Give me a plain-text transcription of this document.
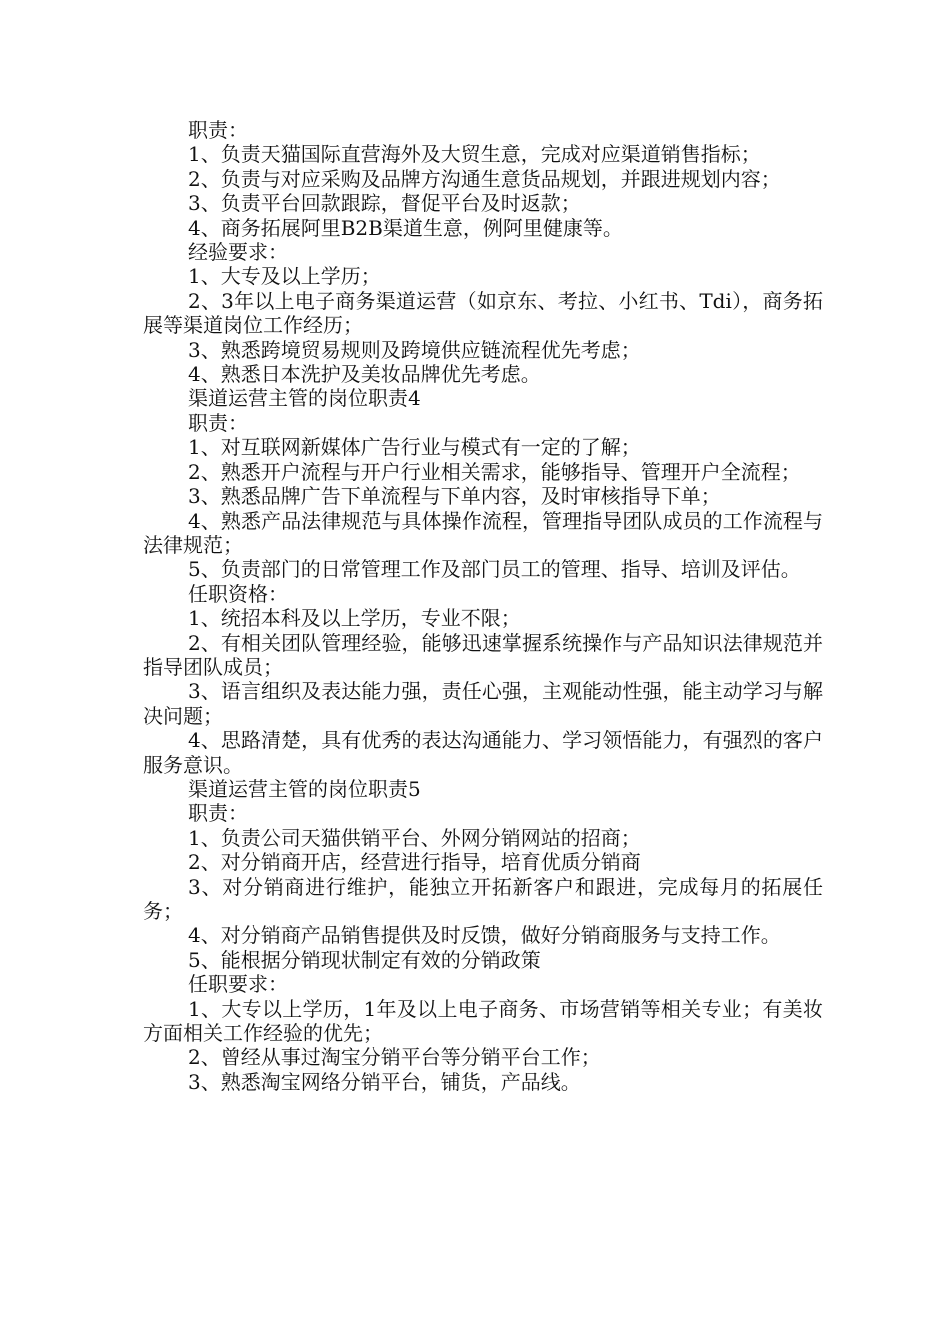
职责：

1、负责天猫国际直营海外及大贸生意，完成对应渠道销售指标；

2、负责与对应采购及品牌方沟通生意货品规划，并跟进规划内容；

3、负责平台回款跟踪，督促平台及时返款；

4、商务拓展阿里B2B渠道生意，例阿里健康等。

经验要求：

1、大专及以上学历；

2、3年以上电子商务渠道运营（如京东、考拉、小红书、Tdi），商务拓展等渠道岗位工作经历；

3、熟悉跨境贸易规则及跨境供应链流程优先考虑；

4、熟悉日本洗护及美妆品牌优先考虑。

渠道运营主管的岗位职责4

职责：

1、对互联网新媒体广告行业与模式有一定的了解；

2、熟悉开户流程与开户行业相关需求，能够指导、管理开户全流程；

3、熟悉品牌广告下单流程与下单内容，及时审核指导下单；

4、熟悉产品法律规范与具体操作流程，管理指导团队成员的工作流程与法律规范；

5、负责部门的日常管理工作及部门员工的管理、指导、培训及评估。

任职资格：

1、统招本科及以上学历，专业不限；

2、有相关团队管理经验，能够迅速掌握系统操作与产品知识法律规范并指导团队成员；

3、语言组织及表达能力强，责任心强，主观能动性强，能主动学习与解决问题；

4、思路清楚，具有优秀的表达沟通能力、学习领悟能力，有强烈的客户服务意识。

渠道运营主管的岗位职责5

职责：

1、负责公司天猫供销平台、外网分销网站的招商；

2、对分销商开店，经营进行指导，培育优质分销商

3、对分销商进行维护，能独立开拓新客户和跟进，完成每月的拓展任务；

4、对分销商产品销售提供及时反馈，做好分销商服务与支持工作。

5、能根据分销现状制定有效的分销政策

任职要求：

1、大专以上学历，1年及以上电子商务、市场营销等相关专业；有美妆方面相关工作经验的优先；

2、曾经从事过淘宝分销平台等分销平台工作；

3、熟悉淘宝网络分销平台，铺货，产品线。
